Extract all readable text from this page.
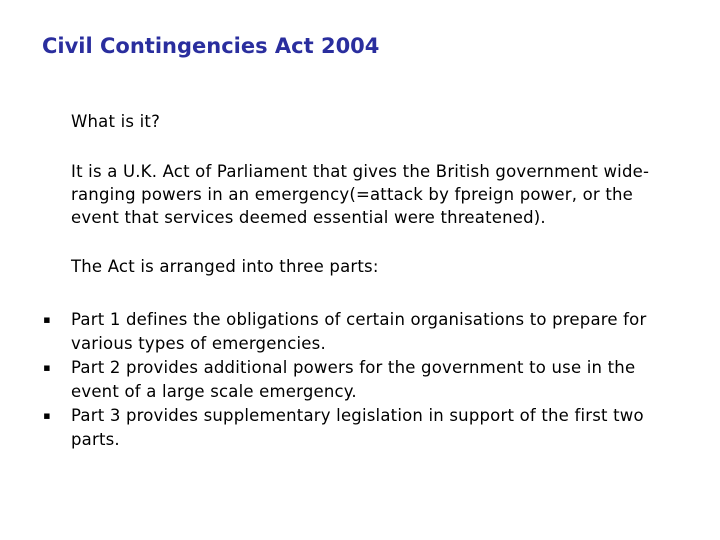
Civil Contingencies Act 2004

What is it?

It is a U.K. Act of Parliament that gives the British government wide-ranging powers in an emergency(=attack by fpreign power, or the event that services deemed essential were threatened).

The Act is arranged into three parts:

▪ Part 1 defines the obligations of certain organisations to prepare for various types of emergencies.
▪ Part 2 provides additional powers for the government to use in the event of a large scale emergency.
▪ Part 3 provides supplementary legislation in support of the first two parts.
